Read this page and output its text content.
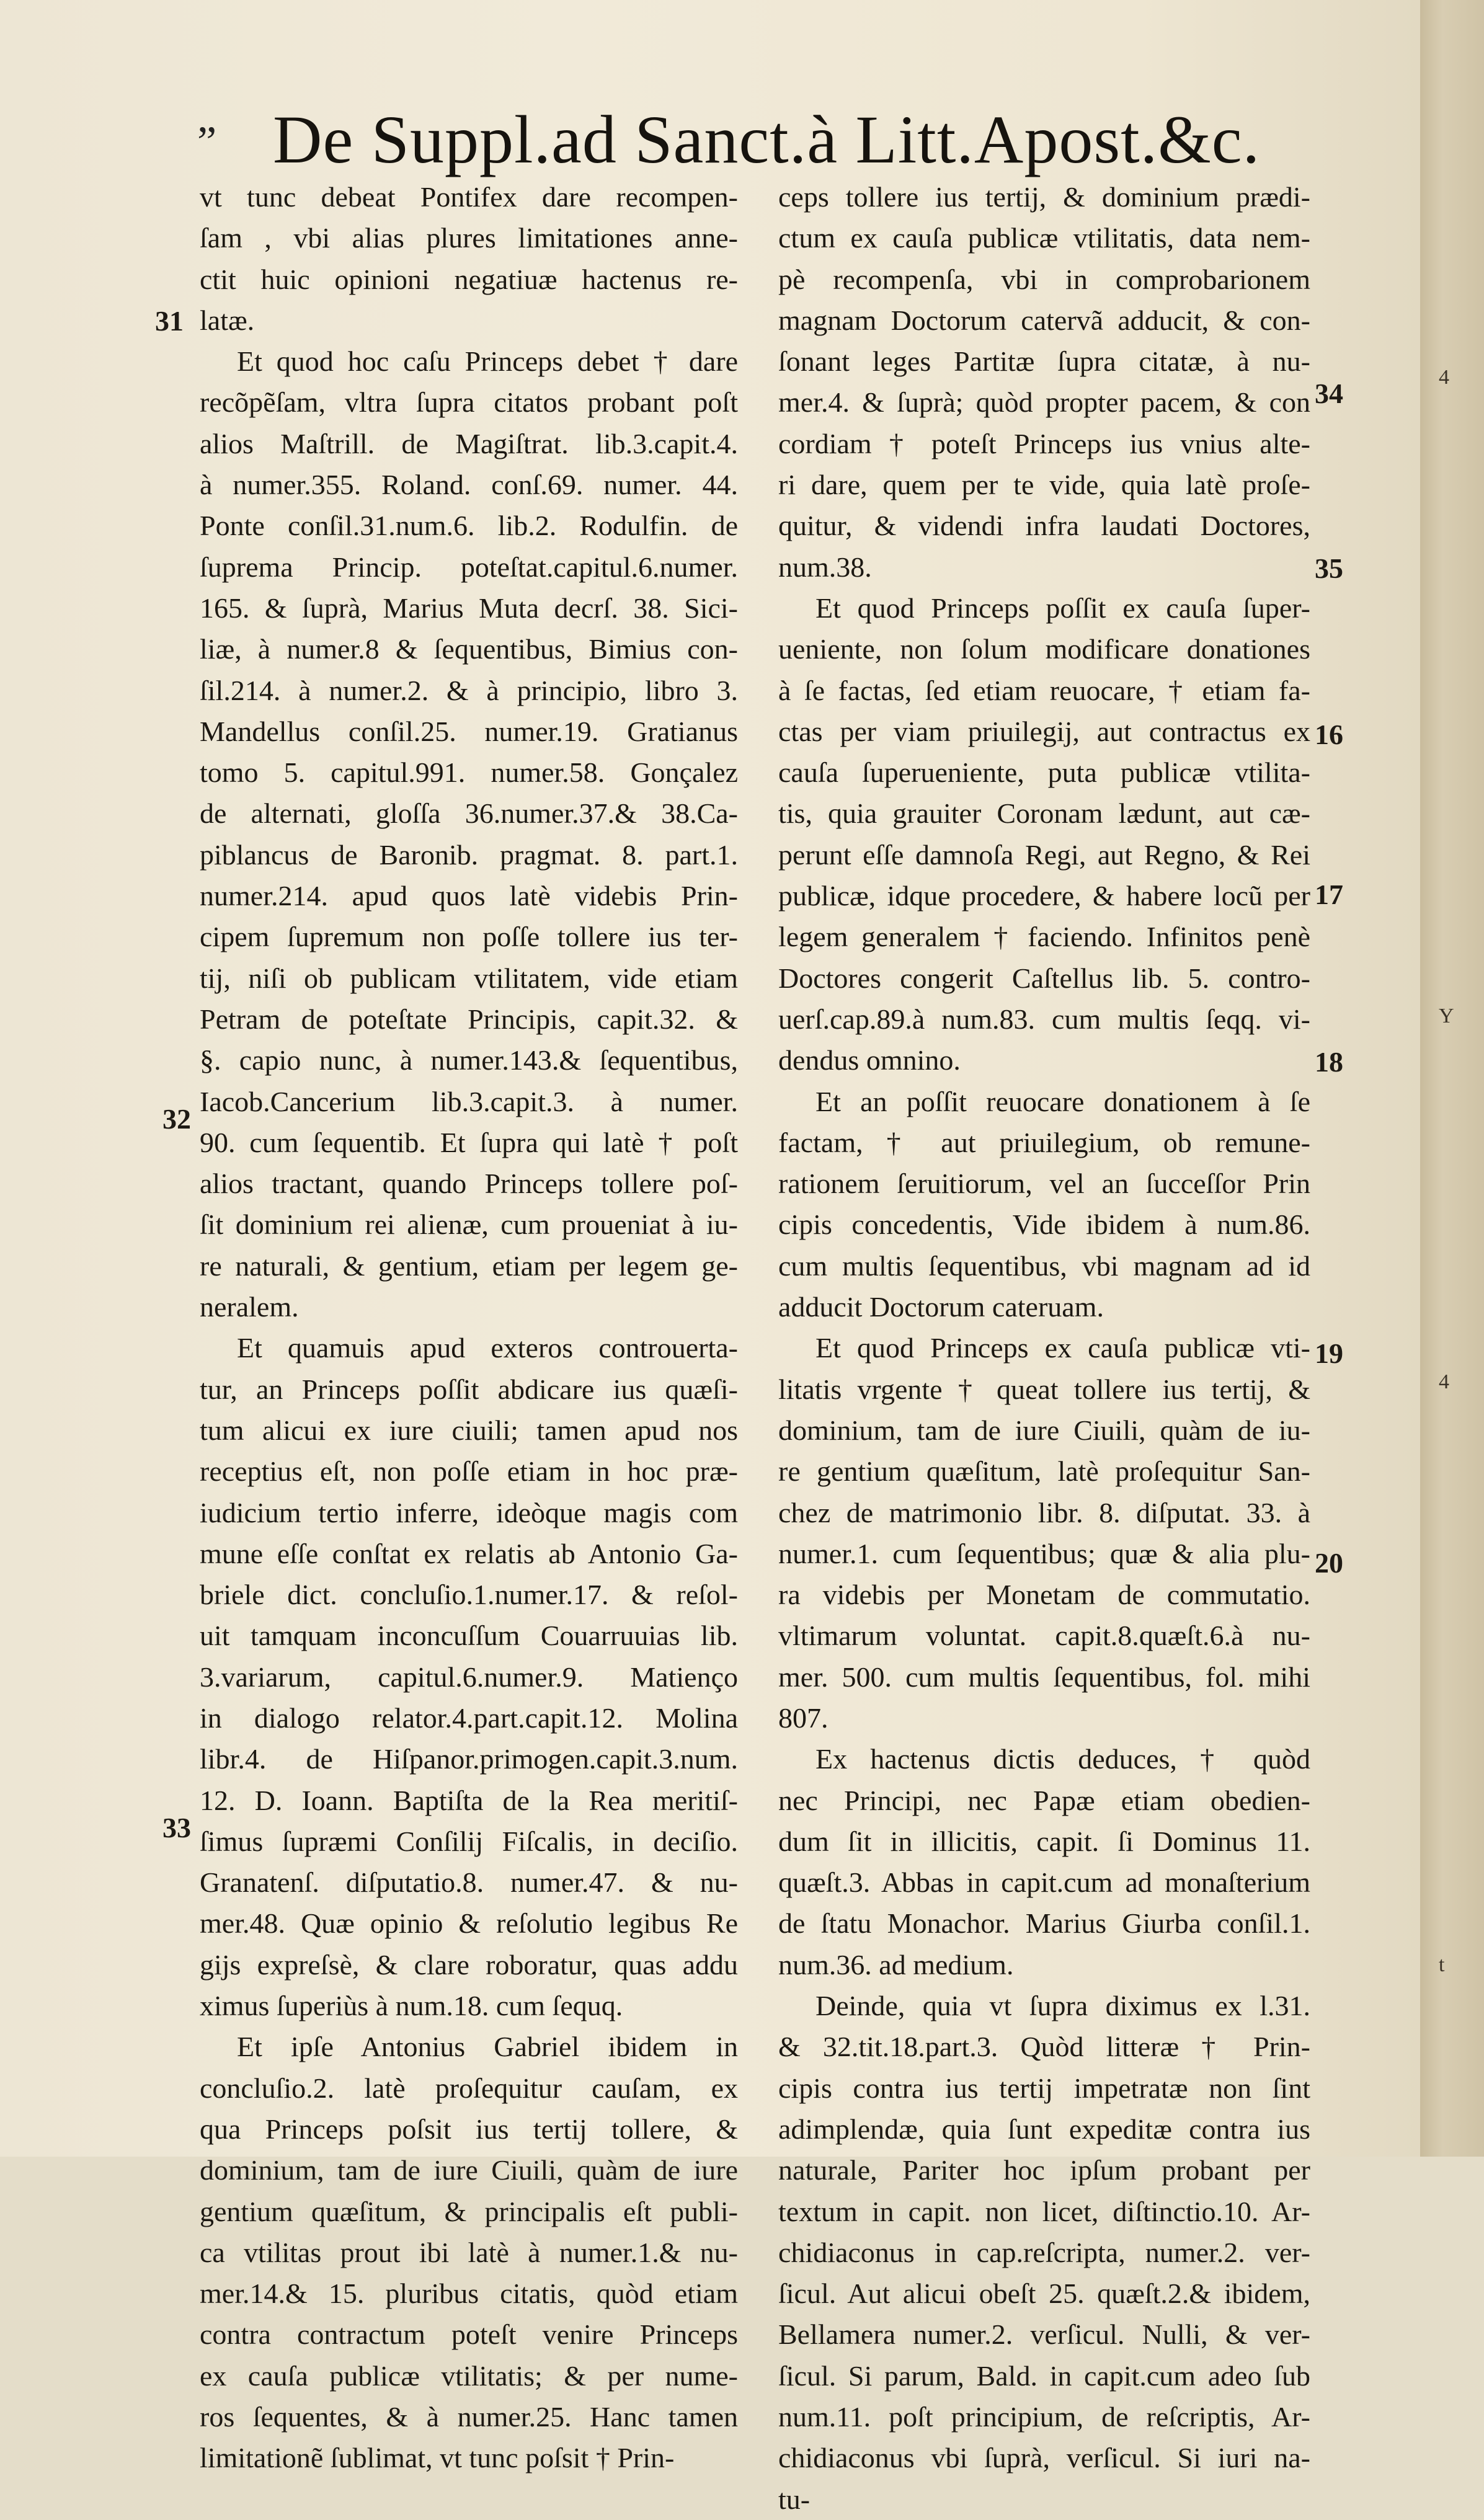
„ De Suppl.ad Sanct.à Litt.Apost.&c.
vt tunc debeat Pontifex dare recompen-
ſam , vbi alias plures limitationes anne-
ctit huic opinioni negatiuæ hactenus re-
latæ.
Et quod hoc caſu Princeps debet † dare
recõpẽſam, vltra ſupra citatos probant poſt
alios Maſtrill. de Magiſtrat. lib.3.capit.4.
à numer.355. Roland. conſ.69. numer. 44.
Ponte conſil.31.num.6. lib.2. Rodulfin. de
ſuprema Princip. poteſtat.capitul.6.numer.
165. & ſuprà, Marius Muta decrſ. 38. Sici-
liæ, à numer.8 & ſequentibus, Bimius con-
ſil.214. à numer.2. & à principio, libro 3.
Mandellus conſil.25. numer.19. Gratianus
tomo 5. capitul.991. numer.58. Gonçalez
de alternati, gloſſa 36.numer.37.& 38.Ca-
piblancus de Baronib. pragmat. 8. part.1.
numer.214. apud quos latè videbis Prin-
cipem ſupremum non poſſe tollere ius ter-
tij, niſi ob publicam vtilitatem, vide etiam
Petram de poteſtate Principis, capit.32. &
§. capio nunc, à numer.143.& ſequentibus,
Iacob.Cancerium lib.3.capit.3. à numer.
90. cum ſequentib. Et ſupra qui latè † poſt
alios tractant, quando Princeps tollere poſ-
ſit dominium rei alienæ, cum proueniat à iu-
re naturali, & gentium, etiam per legem ge-
neralem.
Et quamuis apud exteros controuerta-
tur, an Princeps poſſit abdicare ius quæſi-
tum alicui ex iure ciuili; tamen apud nos
receptius eſt, non poſſe etiam in hoc præ-
iudicium tertio inferre, ideòque magis com
mune eſſe conſtat ex relatis ab Antonio Ga-
briele dict. concluſio.1.numer.17. & reſol-
uit tamquam inconcuſſum Couarruuias lib.
3.variarum, capitul.6.numer.9. Matienço
in dialogo relator.4.part.capit.12. Molina
libr.4. de Hiſpanor.primogen.capit.3.num.
12. D. Ioann. Baptiſta de la Rea meritiſ-
ſimus ſupræmi Conſilij Fiſcalis, in deciſio.
Granatenſ. diſputatio.8. numer.47. & nu-
mer.48. Quæ opinio & reſolutio legibus Re
gijs expreſsè, & clare roboratur, quas addu
ximus ſuperiùs à num.18. cum ſequq.
Et ipſe Antonius Gabriel ibidem in
concluſio.2. latè proſequitur cauſam, ex
qua Princeps poſsit ius tertij tollere, &
dominium, tam de iure Ciuili, quàm de iure
gentium quæſitum, & principalis eſt publi-
ca vtilitas prout ibi latè à numer.1.& nu-
mer.14.& 15. pluribus citatis, quòd etiam
contra contractum poteſt venire Princeps
ex cauſa publicæ vtilitatis; & per nume-
ros ſequentes, & à numer.25. Hanc tamen
limitationẽ ſublimat, vt tunc poſsit † Prin-
ceps tollere ius tertij, & dominium prædi-
ctum ex cauſa publicæ vtilitatis, data nem-
pè recompenſa, vbi in comprobarionem
magnam Doctorum catervã adducit, & con-
ſonant leges Partitæ ſupra citatæ, à nu-
mer.4. & ſuprà; quòd propter pacem, & con
cordiam † poteſt Princeps ius vnius alte-
ri dare, quem per te vide, quia latè proſe-
quitur, & videndi infra laudati Doctores,
num.38.
Et quod Princeps poſſit ex cauſa ſuper-
ueniente, non ſolum modificare donationes
à ſe factas, ſed etiam reuocare, † etiam fa-
ctas per viam priuilegij, aut contractus ex
cauſa ſuperueniente, puta publicæ vtilita-
tis, quia grauiter Coronam lædunt, aut cæ-
perunt eſſe damnoſa Regi, aut Regno, & Rei
publicæ, idque procedere, & habere locũ per
legem generalem † faciendo. Infinitos penè
Doctores congerit Caſtellus lib. 5. contro-
uerſ.cap.89.à num.83. cum multis ſeqq. vi-
dendus omnino.
Et an poſſit reuocare donationem à ſe
factam, † aut priuilegium, ob remune-
rationem ſeruitiorum, vel an ſucceſſor Prin
cipis concedentis, Vide ibidem à num.86.
cum multis ſequentibus, vbi magnam ad id
adducit Doctorum cateruam.
Et quod Princeps ex cauſa publicæ vti-
litatis vrgente † queat tollere ius tertij, &
dominium, tam de iure Ciuili, quàm de iu-
re gentium quæſitum, latè proſequitur San-
chez de matrimonio libr. 8. diſputat. 33. à
numer.1. cum ſequentibus; quæ & alia plu-
ra videbis per Monetam de commutatio.
vltimarum voluntat. capit.8.quæſt.6.à nu-
mer. 500. cum multis ſequentibus, fol. mihi
807.
Ex hactenus dictis deduces, † quòd
nec Principi, nec Papæ etiam obedien-
dum ſit in illicitis, capit. ſi Dominus 11.
quæſt.3. Abbas in capit.cum ad monaſterium
de ſtatu Monachor. Marius Giurba conſil.1.
num.36. ad medium.
Deinde, quia vt ſupra diximus ex l.31.
& 32.tit.18.part.3. Quòd litteræ † Prin-
cipis contra ius tertij impetratæ non ſint
adimplendæ, quia ſunt expeditæ contra ius
naturale, Pariter hoc ipſum probant per
textum in capit. non licet, diſtinctio.10. Ar-
chidiaconus in cap.reſcripta, numer.2. ver-
ſicul. Aut alicui obeſt 25. quæſt.2.& ibidem,
Bellamera numer.2. verſicul. Nulli, & ver-
ſicul. Si parum, Bald. in capit.cum adeo ſub
num.11. poſt principium, de reſcriptis, Ar-
chidiaconus vbi ſuprà, verſicul. Si iuri na-
tu-
31
32
33
34
35
16
17
18
19
20
4
Y
4
t
